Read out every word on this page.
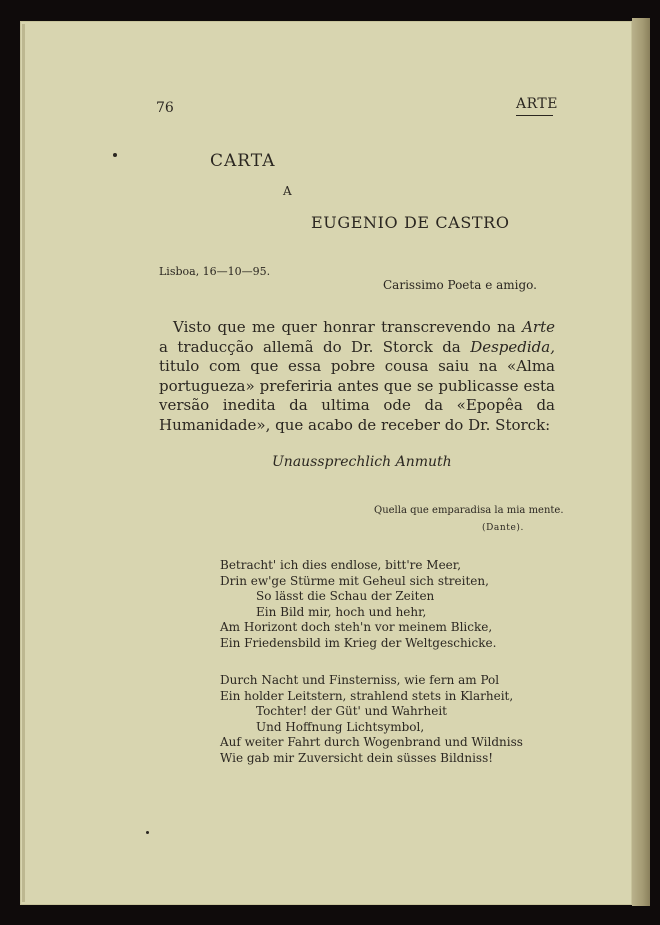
76	ARTE
CARTA
A
EUGENIO DE CASTRO
Lisboa, 16—10—95.
Carissimo Poeta e amigo.

Visto que me quer honrar transcrevendo na Arte a traducção allemã do Dr. Storck da Despedida, titulo com que essa pobre cousa saiu na «Alma portugueza» preferiria antes que se publicasse esta versão inedita da ultima ode da «Epopêa da Humanidade», que acabo de receber do Dr. Storck:

Unaussprechlich Anmuth
Quella que emparadisa la mia mente.
(Dante).
Betracht' ich dies endlose, bitt're Meer,
Drin ew'ge Stürme mit Geheul sich streiten,
So lässt die Schau der Zeiten
Ein Bild mir, hoch und hehr,
Am Horizont doch steh'n vor meinem Blicke,
Ein Friedensbild im Krieg der Weltgeschicke.
Durch Nacht und Finsterniss, wie fern am Pol
Ein holder Leitstern, strahlend stets in Klarheit,
Tochter! der Güt' und Wahrheit
Und Hoffnung Lichtsymbol,
Auf weiter Fahrt durch Wogenbrand und Wildniss
Wie gab mir Zuversicht dein süsses Bildniss!
